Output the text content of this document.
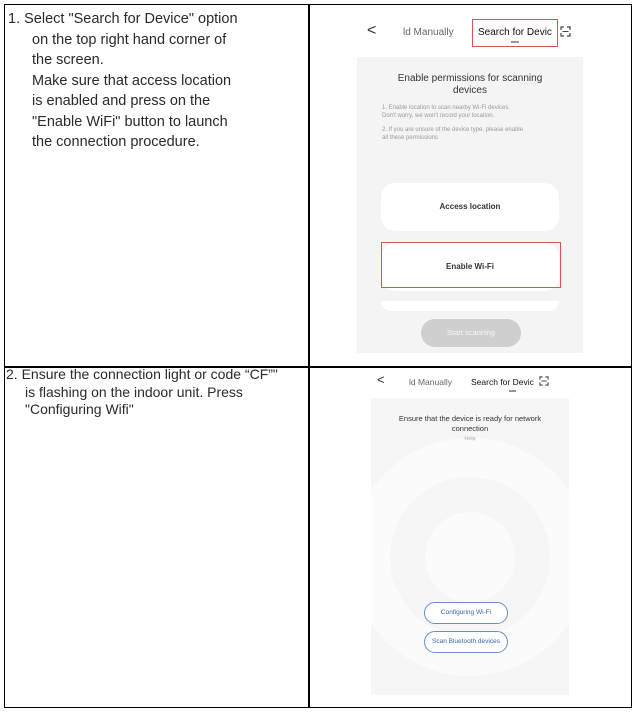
1. Select "Search for Device" option
on the top right hand corner of
the screen.
Make sure that access location
is enabled and press on the
"Enable WiFi" button to launch
the connection procedure.
2. Ensure the connection light or code “CF”"
is flashing on the indoor unit. Press
"Configuring Wifi"
<	ld Manually Search for Devic
Enable permissions for scanning
devices
1. Enable location to scan nearby Wi-Fi devices.
Don't worry, we won't record your location.
2. If you are unsure of the device type, please enable
all these permissions
Access location
Enable Wi-Fi
Start scanning
<	ld Manually Search for Devic
Ensure that the device is ready for network
connection
Help
Configuring Wi-Fi
Scan Bluetooth devices
